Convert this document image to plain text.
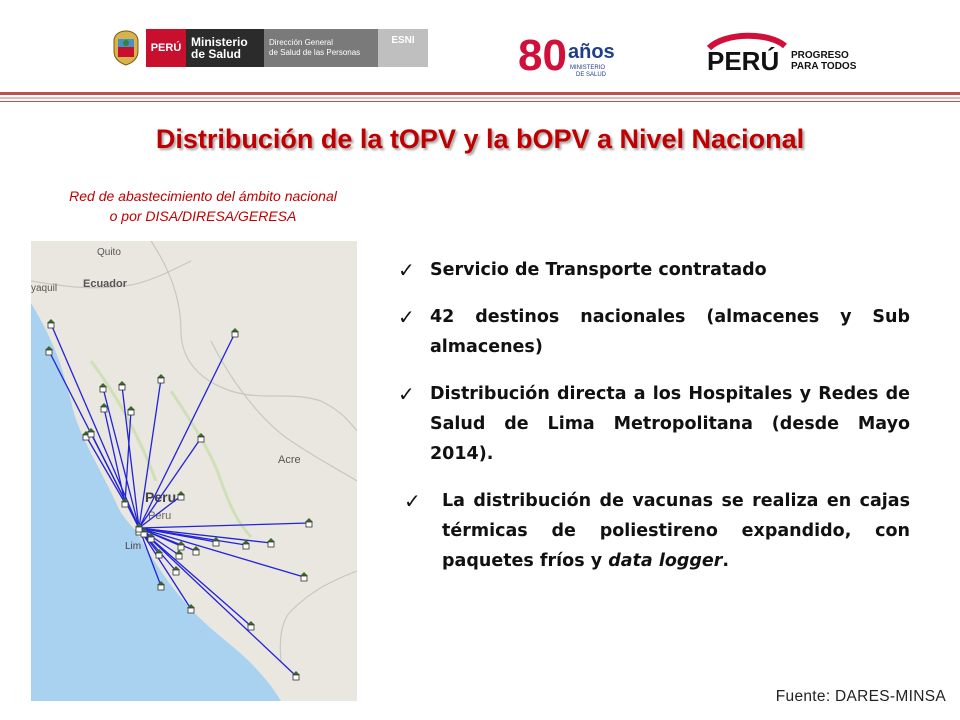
PERÚ Ministerio
de Salud
Dirección General
de Salud de las Personas
ESNI	80 años
MINISTERIO
DE SALUD	PERÚ PROGRESO
PARA TODOS
Distribución de la tOPV y la bOPV a Nivel Nacional
Red de abastecimiento del ámbito nacional
o por DISA/DIRESA/GERESA
Quito
yaquil Ecuador
Peru
Peru
Lim
Acre
✓ Servicio de Transporte contratado
✓ 42 destinos nacionales (almacenes y Sub almacenes)
✓ Distribución directa a los Hospitales y Redes de Salud de Lima Metropolitana (desde Mayo 2014).
✓ La distribución de vacunas se realiza en cajas térmicas de poliestireno expandido, con paquetes fríos y data logger.
Fuente: DARES-MINSA
